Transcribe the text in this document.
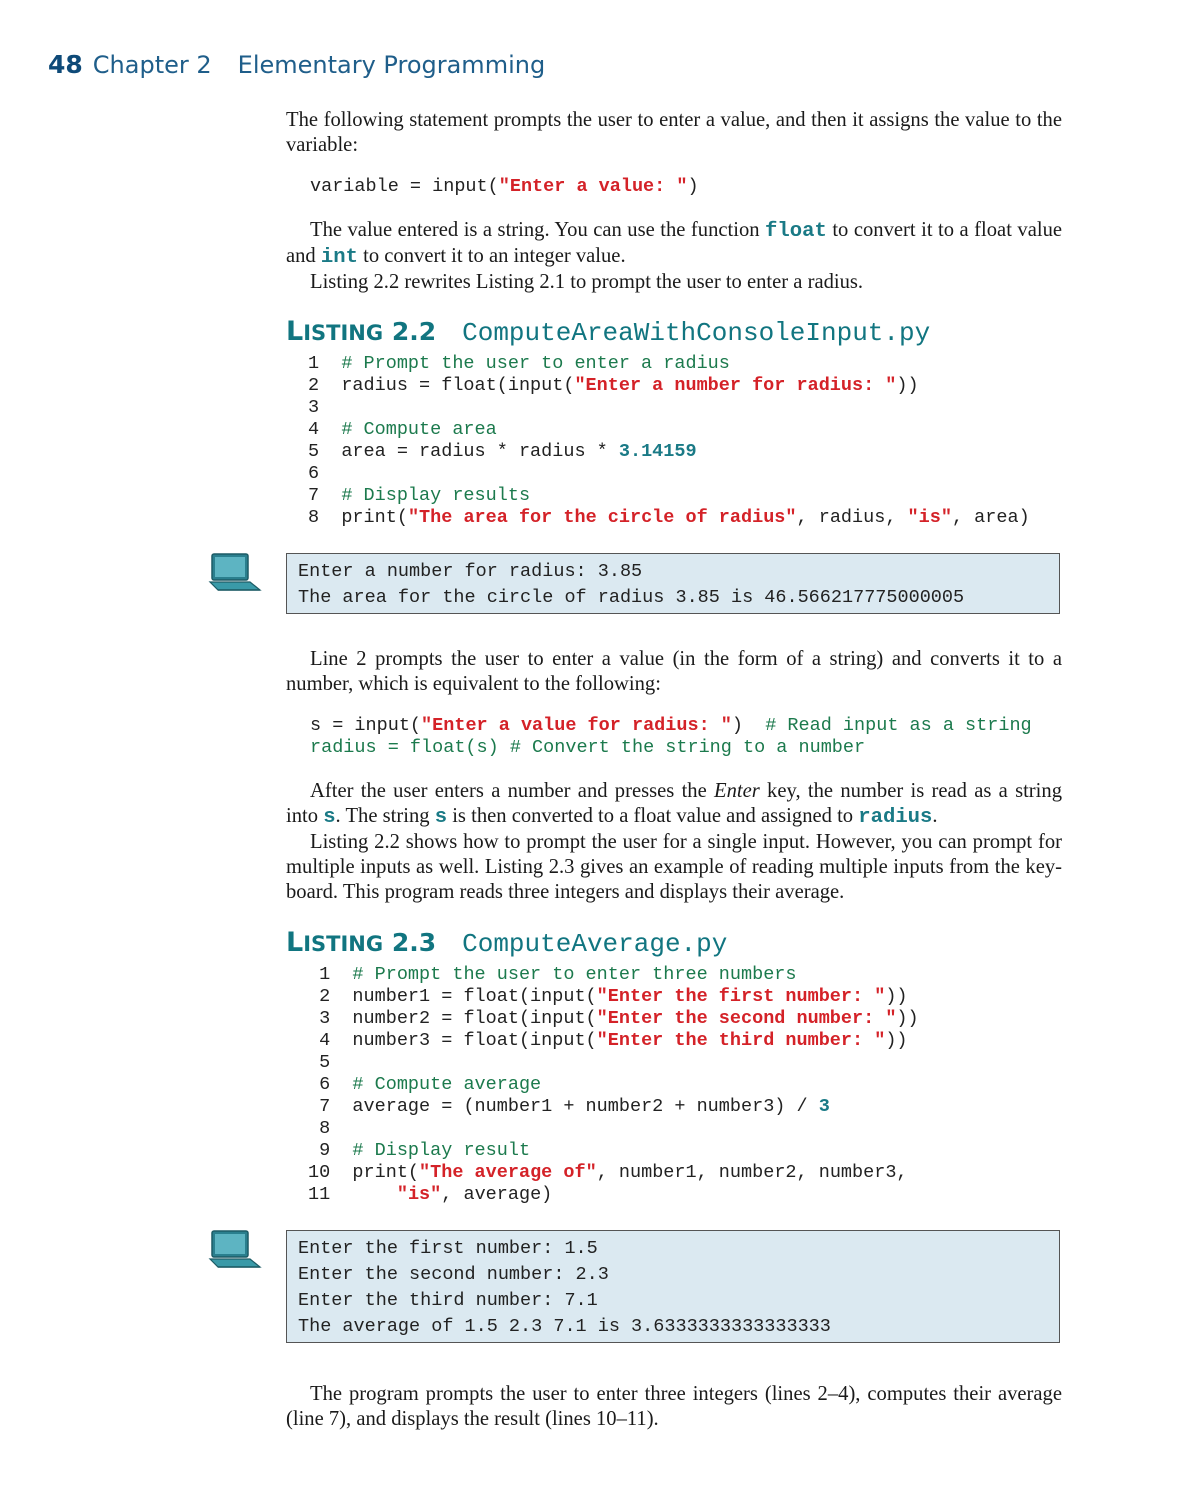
48 Chapter 2 Elementary Programming

The following statement prompts the user to enter a value, and then it assigns the value to the variable:

variable = input("Enter a value: ")

The value entered is a string. You can use the function float to convert it to a float value and int to convert it to an integer value.

Listing 2.2 rewrites Listing 2.1 to prompt the user to enter a radius.

LISTING 2.2 ComputeAreaWithConsoleInput.py
1 # Prompt the user to enter a radius
2 radius = float(input("Enter a number for radius: "))
3
4 # Compute area
5 area = radius * radius * 3.14159
6
7 # Display results
8 print("The area for the circle of radius", radius, "is", area)
Enter a number for radius: 3.85
The area for the circle of radius 3.85 is 46.566217775000005

Line 2 prompts the user to enter a value (in the form of a string) and converts it to a number, which is equivalent to the following:

s = input("Enter a value for radius: ")  # Read input as a string
radius = float(s) # Convert the string to a number

After the user enters a number and presses the Enter key, the number is read as a string into s. The string s is then converted to a float value and assigned to radius.

Listing 2.2 shows how to prompt the user for a single input. However, you can prompt for multiple inputs as well. Listing 2.3 gives an example of reading multiple inputs from the key-board. This program reads three integers and displays their average.

LISTING 2.3 ComputeAverage.py
1 # Prompt the user to enter three numbers
2 number1 = float(input("Enter the first number: "))
3 number2 = float(input("Enter the second number: "))
4 number3 = float(input("Enter the third number: "))
5
6 # Compute average
7 average = (number1 + number2 + number3) / 3
8
9 # Display result
10 print("The average of", number1, number2, number3,
11	"is", average)
Enter the first number: 1.5
Enter the second number: 2.3
Enter the third number: 7.1
The average of 1.5 2.3 7.1 is 3.6333333333333333

The program prompts the user to enter three integers (lines 2–4), computes their average (line 7), and displays the result (lines 10–11).
